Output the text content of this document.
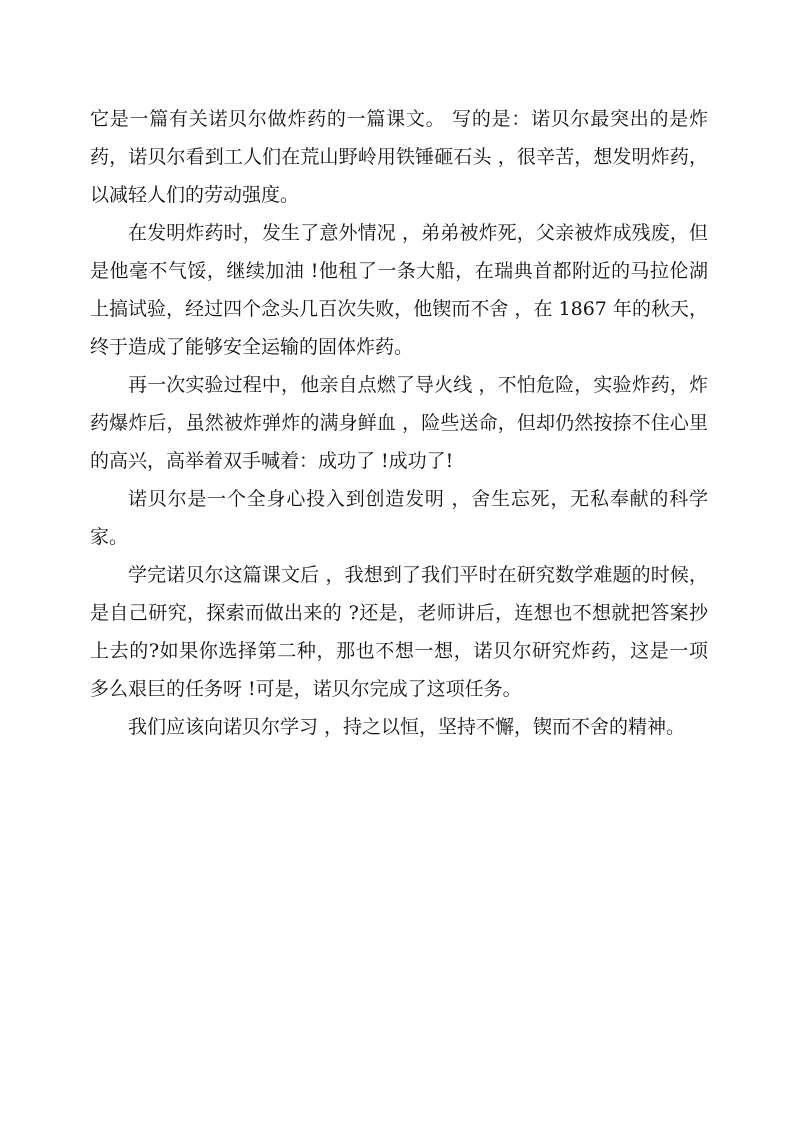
它是一篇有关诺贝尔做炸药的一篇课文。 写的是：诺贝尔最突出的是炸药，诺贝尔看到工人们在荒山野岭用铁锤砸石头 ，很辛苦，想发明炸药，以减轻人们的劳动强度。

在发明炸药时，发生了意外情况 ，弟弟被炸死，父亲被炸成残废，但是他毫不气馁，继续加油 !他租了一条大船，在瑞典首都附近的马拉伦湖上搞试验，经过四个念头几百次失败，他锲而不舍 ，在 1867 年的秋天，终于造成了能够安全运输的固体炸药。

再一次实验过程中，他亲自点燃了导火线 ，不怕危险，实验炸药，炸药爆炸后，虽然被炸弹炸的满身鲜血 ，险些送命，但却仍然按捺不住心里的高兴，高举着双手喊着：成功了 !成功了!

诺贝尔是一个全身心投入到创造发明 ，舍生忘死，无私奉献的科学家。

学完诺贝尔这篇课文后 ，我想到了我们平时在研究数学难题的时候，是自己研究，探索而做出来的 ?还是，老师讲后，连想也不想就把答案抄上去的?如果你选择第二种，那也不想一想，诺贝尔研究炸药，这是一项多么艰巨的任务呀 !可是，诺贝尔完成了这项任务。

我们应该向诺贝尔学习 ，持之以恒，坚持不懈，锲而不舍的精神。
